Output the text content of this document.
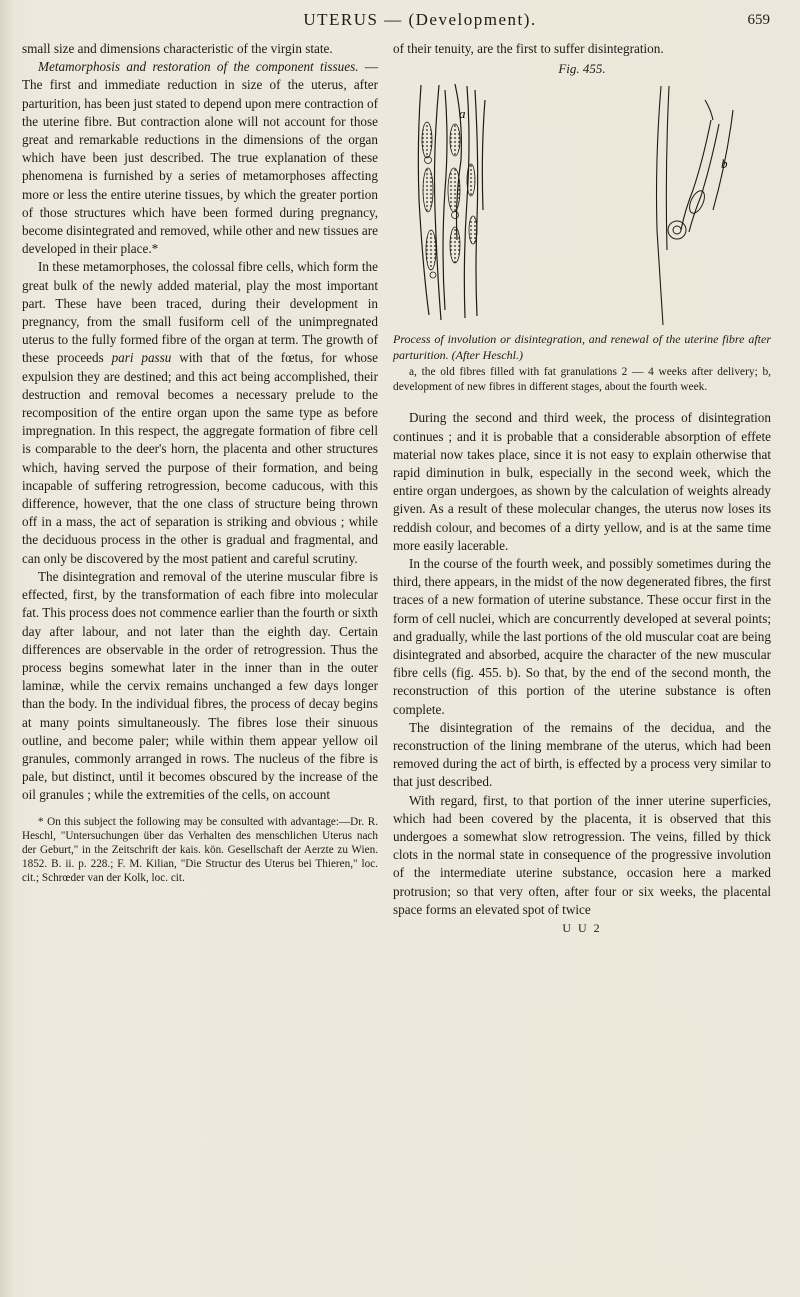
UTERUS — (Development).	659

small size and dimensions characteristic of the virgin state.

Metamorphosis and restoration of the component tissues. — The first and immediate reduction in size of the uterus, after parturition, has been just stated to depend upon mere contraction of the uterine fibre. But contraction alone will not account for those great and remarkable reductions in the dimensions of the organ which have been just described. The true explanation of these phenomena is furnished by a series of metamorphoses affecting more or less the entire uterine tissues, by which the greater portion of those structures which have been formed during pregnancy, become disintegrated and removed, while other and new tissues are developed in their place.*

In these metamorphoses, the colossal fibre cells, which form the great bulk of the newly added material, play the most important part. These have been traced, during their development in pregnancy, from the small fusiform cell of the unimpregnated uterus to the fully formed fibre of the organ at term. The growth of these proceeds pari passu with that of the fœtus, for whose expulsion they are destined; and this act being accomplished, their destruction and removal becomes a necessary prelude to the recomposition of the entire organ upon the same type as before impregnation. In this respect, the aggregate formation of fibre cell is comparable to the deer's horn, the placenta and other structures which, having served the purpose of their formation, and being incapable of suffering retrogression, become caducous, with this difference, however, that the one class of structure being thrown off in a mass, the act of separation is striking and obvious ; while the deciduous process in the other is gradual and fragmental, and can only be discovered by the most patient and careful scrutiny.

The disintegration and removal of the uterine muscular fibre is effected, first, by the transformation of each fibre into molecular fat. This process does not commence earlier than the fourth or sixth day after labour, and not later than the eighth day. Certain differences are observable in the order of retrogression. Thus the process begins somewhat later in the inner than in the outer laminæ, while the cervix remains unchanged a few days longer than the body. In the individual fibres, the process of decay begins at many points simultaneously. The fibres lose their sinuous outline, and become paler; while within them appear yellow oil granules, commonly arranged in rows. The nucleus of the fibre is pale, but distinct, until it becomes obscured by the increase of the oil granules ; while the extremities of the cells, on account

* On this subject the following may be consulted with advantage:—Dr. R. Heschl, "Untersuchungen über das Verhalten des menschlichen Uterus nach der Geburt," in the Zeitschrift der kais. kön. Gesellschaft der Aerzte zu Wien. 1852. B. ii. p. 228.; F. M. Kilian, "Die Structur des Uterus bei Thieren," loc. cit.; Schrœder van der Kolk, loc. cit.

of their tenuity, are the first to suffer disintegration.

Fig. 455.
a
b
Process of involution or disintegration, and renewal of the uterine fibre after parturition. (After Heschl.)
a, the old fibres filled with fat granulations 2 — 4 weeks after delivery; b, development of new fibres in different stages, about the fourth week.

During the second and third week, the process of disintegration continues ; and it is probable that a considerable absorption of effete material now takes place, since it is not easy to explain otherwise that rapid diminution in bulk, especially in the second week, which the entire organ undergoes, as shown by the calculation of weights already given. As a result of these molecular changes, the uterus now loses its reddish colour, and becomes of a dirty yellow, and is at the same time more easily lacerable.

In the course of the fourth week, and possibly sometimes during the third, there appears, in the midst of the now degenerated fibres, the first traces of a new formation of uterine substance. These occur first in the form of cell nuclei, which are concurrently developed at several points; and gradually, while the last portions of the old muscular coat are being disintegrated and absorbed, acquire the character of the new muscular fibre cells (fig. 455. b). So that, by the end of the second month, the reconstruction of this portion of the uterine substance is often complete.

The disintegration of the remains of the decidua, and the reconstruction of the lining membrane of the uterus, which had been removed during the act of birth, is effected by a process very similar to that just described.

With regard, first, to that portion of the inner uterine superficies, which had been covered by the placenta, it is observed that this undergoes a somewhat slow retrogression. The veins, filled by thick clots in the normal state in consequence of the progressive involution of the intermediate uterine substance, occasion here a marked protrusion; so that very often, after four or six weeks, the placental space forms an elevated spot of twice

U U 2
